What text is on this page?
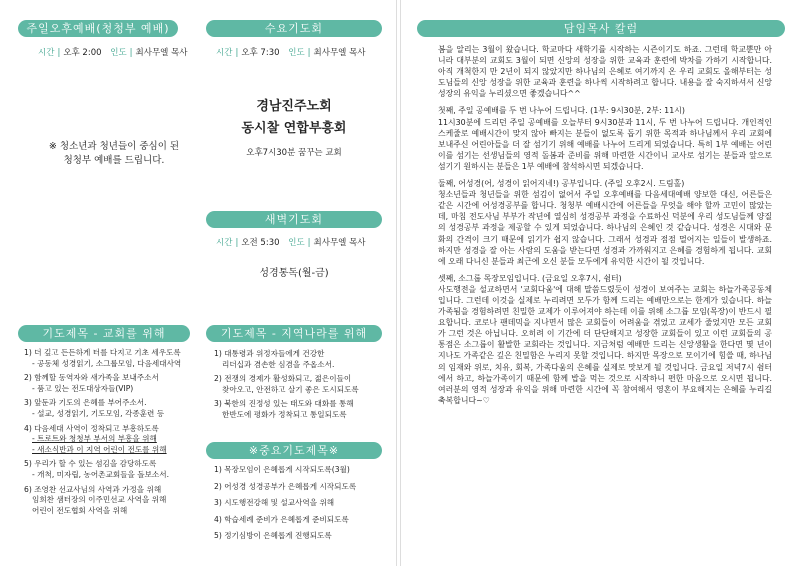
주일오후예배(청청부 예배)
시간 | 오후 2:00 인도 | 최사무엘 목사
※ 청소년과 청년들이 중심이 된
청청부 예배를 드립니다.
수요기도회
시간 | 오후 7:30 인도 | 최사무엘 목사
경남진주노회
동시찰 연합부흥회
오후7시30분 꿈꾸는 교회
새벽기도회
시간 | 오전 5:30 인도 | 최사무엘 목사
성경통독(월-금)
기도제목 - 교회를 위해
1) 더 깊고 든든하게 터를 다지고 기초 세우도록
- 공동체 성경읽기, 소그룹모임, 다음세대사역
2) 함께할 동역자와 새가족을 보내주소서
- 품고 있는 전도대상자들(VIP)
3) 앞둔과 기도의 은혜를 부어주소서.
- 설교, 성경읽기, 기도모임, 각종훈련 등
4) 다음세대 사역이 정착되고 부흥하도록
- 트로트와 청청부 부서의 부흥을 위해
- 새소식반과 이 지역 어린이 전도를 위해
5) 우리가 할 수 있는 섬김을 감당하도록
- 개척, 미자립, 농어촌교회들을 돌보소서.
6) 조영찬 선교사님의 사역과 가정을 위해
임희찬 샘터장의 이주민선교 사역을 위해
어린이 전도협회 사역을 위해
기도제목 - 지역나라를 위해
1) 대통령과 위정자들에게 건강한
리더십과 겸손한 심겸을 주옵소서.
2) 전쟁의 경제가 활성화되고, 젊은이들이
찾아오고, 안전하고 살기 좋은 도시되도록
3) 북한의 진정성 있는 태도와 대화를 통해
한반도에 평화가 정착되고 통일되도록
※중요기도제목※
1) 목장모임이 은혜롭게 시작되도록(3월)
2) 어성경 성경공부가 은혜롭게 시작되도록
3) 시도행전강해 및 설교사역을 위해
4) 학습세례 준비가 은혜롭게 준비되도록
5) 정기심방이 은혜롭게 진행되도록
담임목사 칼럼

봄을 알리는 3월이 왔습니다. 학교마다 새학기를 시작하는 시즌이기도 하죠. 그런데 학교뿐만 아니라 대부분의 교회도 3월이 되면 신앙의 성장을 위한 교육과 훈련에 박차를 가하기 시작합니다. 아직 개척한지 만 2년이 되지 않았지만 하나님의 은혜로 여기까지 온 우리 교회도 올해부터는 성도님들의 신앙 성장을 위한 교육과 훈련을 하나씩 시작하려고 합니다. 내용을 잘 숙지하셔서 신앙 성장의 유익을 누리셨으면 좋겠습니다^^

첫째, 주일 공예배를 두 번 나누어 드립니다. (1부: 9시30분, 2부: 11시)
11시30분에 드리던 주일 공예배를 오늘부터 9시30분과 11시, 두 번 나누어 드립니다. 개인적인 스케줄로 예배시간이 맞지 않아 빠지는 분들이 없도록 돕기 위한 목적과 하나님께서 우리 교회에 보내주신 어린아들을 더 잘 섬기기 위해 예배를 나누어 드리게 되었습니다. 특히 1부 예배는 어린이를 섬기는 선생님들의 영적 돌봄과 준비를 위해 마련한 시간이니 교사로 섬기는 분들과 앞으로 섬기기 원하시는 분들은 1부 예배에 참석하시면 되겠습니다.

둘째, 어성경(어, 성경이 읽어지네!) 공부입니다. (주일 오후2시. 드림홀)
청소년들과 청년들을 위한 섬김이 없어서 주일 오후예배를 다음세대예배 양보한 대신, 어른들은 같은 시간에 어성경공부를 합니다. 청청부 예배시간에 어른들을 무엇을 해야 할까 고민이 많았는데, 마침 전도사님 부부가 작년에 열심히 성경공부 과정을 수료하신 덕분에 우리 성도님들께 양질의 성경공부 과정을 제공할 수 있게 되었습니다. 하나님의 은혜인 것 같습니다. 성경은 시대와 문화의 간격이 크기 때문에 읽기가 쉽지 않습니다. 그래서 성경과 점점 멀어지는 일들이 발생하죠. 하지만 성경을 잘 아는 사람의 도움을 받는다면 성경과 가까워지고 은혜를 경험하게 됩니다. 교회에 오래 다니신 분들과 최근에 오신 분들 모두에게 유익한 시간이 될 것입니다.

셋째, 소그룹 목장모임입니다. (금요일 오후7시, 쉼터)
사도행전을 설교하면서 '교회다움'에 대해 말씀드렸듯이 성경이 보여주는 교회는 하늘가족공동체입니다. 그런데 이것을 실제로 누리려면 모두가 함께 드리는 예배만으로는 한계가 있습니다. 하늘가족됨을 경험하려면 친밀한 교제가 이루어져야 하는데 이를 위해 소그룹 모임(목장)이 반드시 필요합니다. 코로나 팬데믹을 지나면서 많은 교회들이 어려움을 겪었고 교세가 줄었지만 모든 교회가 그런 것은 아닙니다. 오히려 이 기간에 더 단단해지고 성장한 교회들이 있고 이런 교회들의 공통점은 소그룹이 활발한 교회라는 것입니다. 지금처럼 예배만 드리는 신앙생활을 한다면 몇 년이 지나도 가족같은 깊은 친밀함은 누리지 못할 것입니다. 하지만 목장으로 모이기에 힘쓸 때, 하나님의 임재와 위로, 치유, 회복, 가족다움의 은혜를 실제로 맛보게 될 것입니다. 금요일 저녁7시 쉼터에서 하고, 하늘가족이기 때문에 함께 밥을 먹는 것으로 시작하니 편한 마음으로 오시면 됩니다. 여러분의 영적 성장과 유익을 위해 마련한 시간에 꼭 참여해서 영혼이 부요해지는 은혜를 누리길 축복합니다~♡
